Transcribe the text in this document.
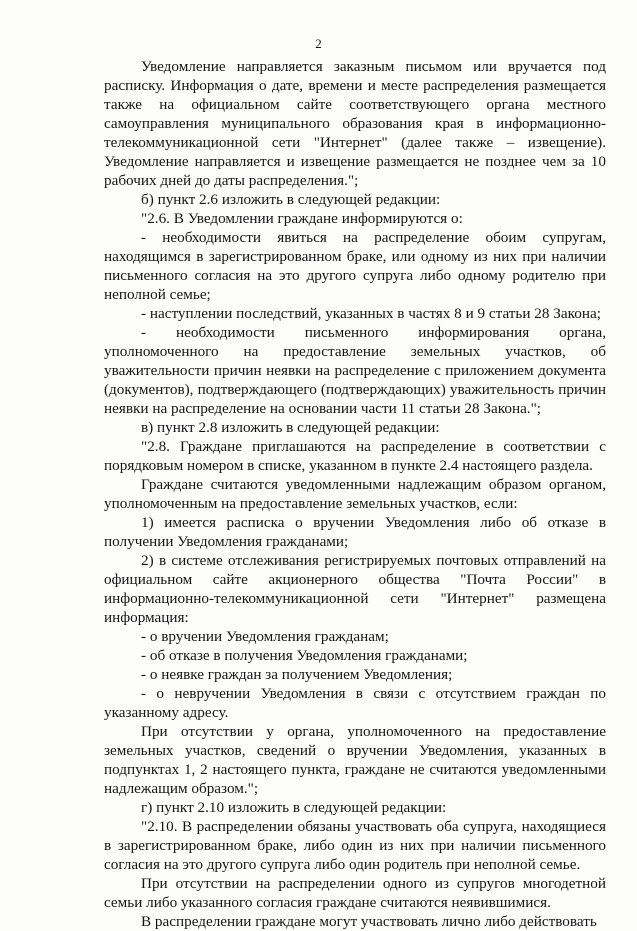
2

Уведомление направляется заказным письмом или вручается под расписку. Информация о дате, времени и месте распределения размещается также на официальном сайте соответствующего органа местного самоуправления муниципального образования края в информационно-телекоммуникационной сети "Интернет" (далее также – извещение). Уведомление направляется и извещение размещается не позднее чем за 10 рабочих дней до даты распределения.";

б) пункт 2.6 изложить в следующей редакции:

"2.6. В Уведомлении граждане информируются о:

- необходимости явиться на распределение обоим супругам, находящимся в зарегистрированном браке, или одному из них при наличии письменного согласия на это другого супруга либо одному родителю при неполной семье;

- наступлении последствий, указанных в частях 8 и 9 статьи 28 Закона;

- необходимости письменного информирования органа, уполномоченного на предоставление земельных участков, об уважительности причин неявки на распределение с приложением документа (документов), подтверждающего (подтверждающих) уважительность причин неявки на распределение на основании части 11 статьи 28 Закона.";

в) пункт 2.8 изложить в следующей редакции:

"2.8. Граждане приглашаются на распределение в соответствии с порядковым номером в списке, указанном в пункте 2.4 настоящего раздела.

Граждане считаются уведомленными надлежащим образом органом, уполномоченным на предоставление земельных участков, если:

1) имеется расписка о вручении Уведомления либо об отказе в получении Уведомления гражданами;

2) в системе отслеживания регистрируемых почтовых отправлений на официальном сайте акционерного общества "Почта России" в информационно-телекоммуникационной сети "Интернет" размещена информация:

- о вручении Уведомления гражданам;

- об отказе в получения Уведомления гражданами;

- о неявке граждан за получением Уведомления;

- о невручении Уведомления в связи с отсутствием граждан по указанному адресу.

При отсутствии у органа, уполномоченного на предоставление земельных участков, сведений о вручении Уведомления, указанных в подпунктах 1, 2 настоящего пункта, граждане не считаются уведомленными надлежащим образом.";

г) пункт 2.10 изложить в следующей редакции:

"2.10. В распределении обязаны участвовать оба супруга, находящиеся в зарегистрированном браке, либо один из них при наличии письменного согласия на это другого супруга либо один родитель при неполной семье.

При отсутствии на распределении одного из супругов многодетной семьи либо указанного согласия граждане считаются неявившимися.

В распределении граждане могут участвовать лично либо действовать
